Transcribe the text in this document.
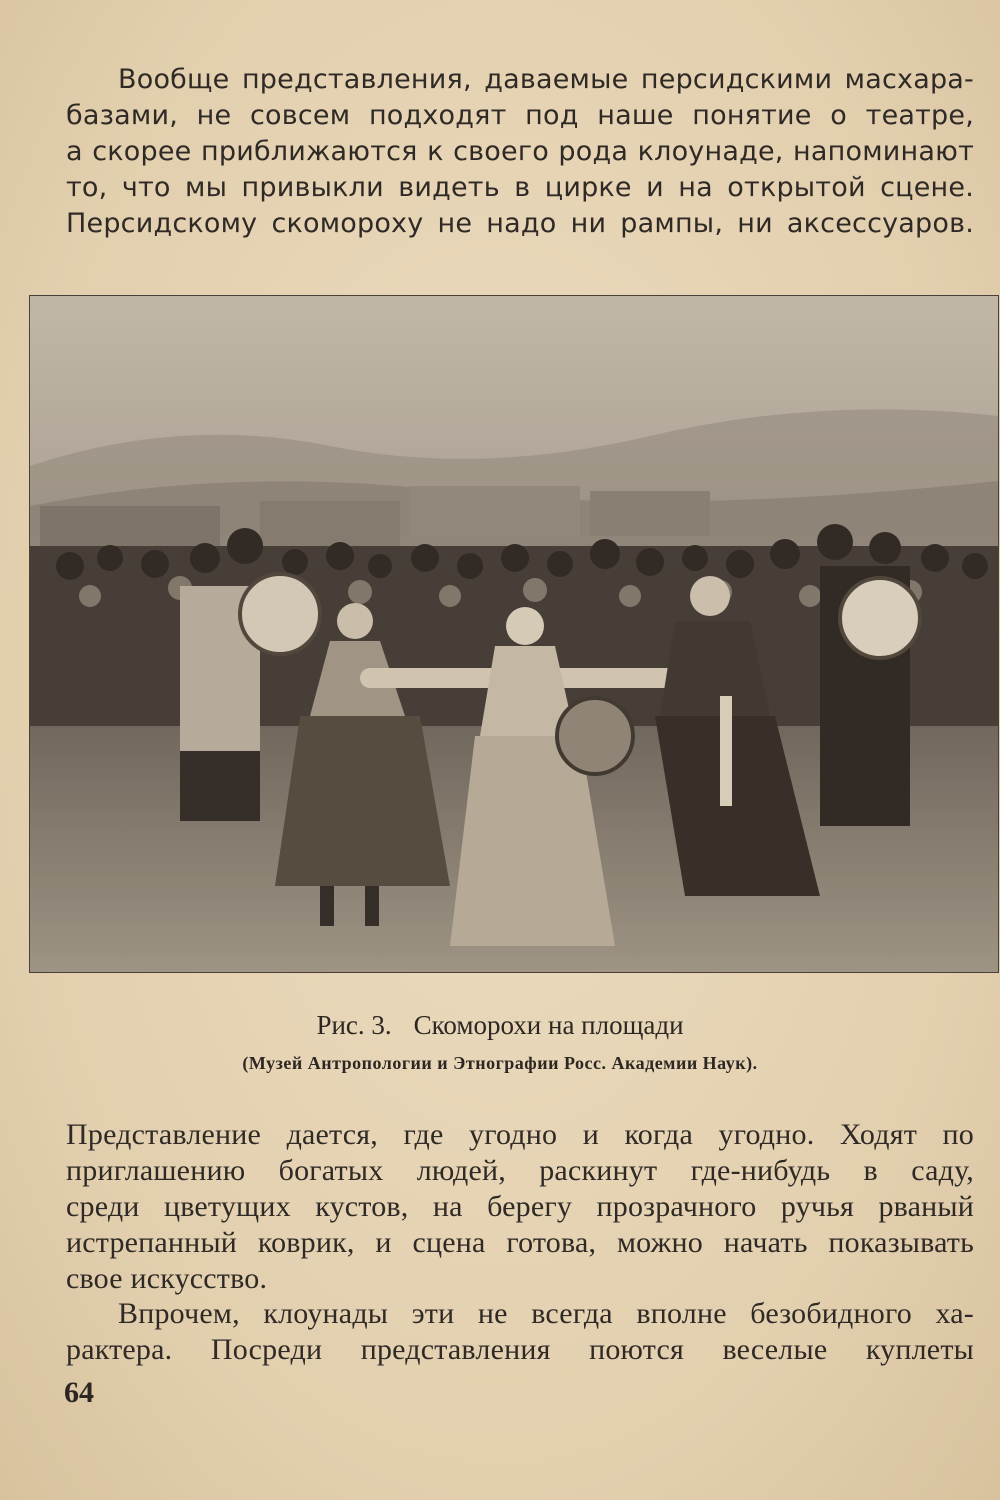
Вообще представления, даваемые персидскими масхара-
базами, не совсем подходят под наше понятие о театре,
а скорее приближаются к своего рода клоунаде, напоминают
то, что мы привыкли видеть в цирке и на открытой сцене.
Персидскому скомороху не надо ни рампы, ни аксессуаров.
Рис. 3. Скоморохи на площади
(Музей Антропологии и Этнографии Росс. Академии Наук).
Представление дается, где угодно и когда угодно. Ходят по
приглашению богатых людей, раскинут где-нибудь в саду,
среди цветущих кустов, на берегу прозрачного ручья рваный
истрепанный коврик, и сцена готова, можно начать показывать
свое искусство.
Впрочем, клоунады эти не всегда вполне безобидного ха-
рактера. Посреди представления поются веселые куплеты
64
